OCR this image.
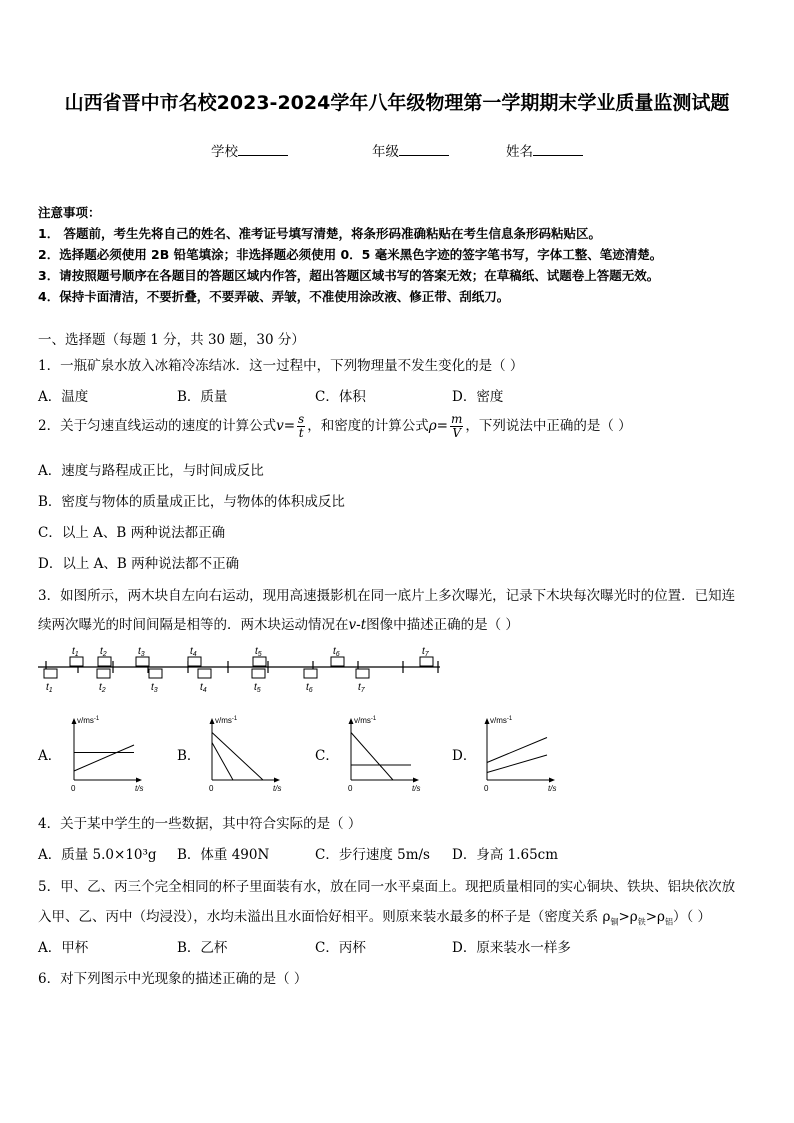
山西省晋中市名校2023-2024学年八年级物理第一学期期末学业质量监测试题
学校	年级	姓名
注意事项：
1． 答题前，考生先将自己的姓名、准考证号填写清楚，将条形码准确粘贴在考生信息条形码粘贴区。
2．选择题必须使用 2B 铅笔填涂；非选择题必须使用 0．5 毫米黑色字迹的签字笔书写，字体工整、笔迹清楚。
3．请按照题号顺序在各题目的答题区域内作答，超出答题区域书写的答案无效；在草稿纸、试题卷上答题无效。
4．保持卡面清洁，不要折叠，不要弄破、弄皱，不准使用涂改液、修正带、刮纸刀。
一、选择题（每题 1 分，共 30 题，30 分）
1．一瓶矿泉水放入冰箱冷冻结冰．这一过程中，下列物理量不发生变化的是（ ）
A．温度	B．质量	C．体积	D．密度
2．关于匀速直线运动的速度的计算公式$v= \frac{s}{t}$ ，和密度的计算公式$\rho= \frac{m}{V}$ ，下列说法中正确的是（ ）
A．速度与路程成正比，与时间成反比
B．密度与物体的质量成正比，与物体的体积成反比
C．以上 A、B 两种说法都正确
D．以上 A、B 两种说法都不正确
3．如图所示，两木块自左向右运动，现用高速摄影机在同一底片上多次曝光，记录下木块每次曝光时的位置．已知连
续两次曝光的时间间隔是相等的．两木块运动情况在v-t图像中描述正确的是（ ）
$t_1$ $t_2$	$t_3$	$t_4$	$t_5$	$t_6$	$t_7$
$t_1$	$t_2$	$t_3$	$t_4$	$t_5$	$t_6$	$t_7$
A．	B．	C．	D．
$v/ms^{-1}$
t/s
0
$v/ms^{-1}$
t/s
0
$v/ms^{-1}$
t/s
0
$v/ms^{-1}$
t/s
0
4．关于某中学生的一些数据，其中符合实际的是（ ）
A．质量 5.0×10³g B．体重 490N	C．步行速度 5m/s D．身高 1.65cm
5．甲、乙、丙三个完全相同的杯子里面装有水，放在同一水平桌面上。现把质量相同的实心铜块、铁块、铝块依次放
入甲、乙、丙中（均浸没），水均未溢出且水面恰好相平。则原来装水最多的杯子是（密度关系 $\rho_铜>\rho_铁>\rho_铝$）（ ）
A．甲杯	B．乙杯	C．丙杯	D．原来装水一样多
6．对下列图示中光现象的描述正确的是（ ）
